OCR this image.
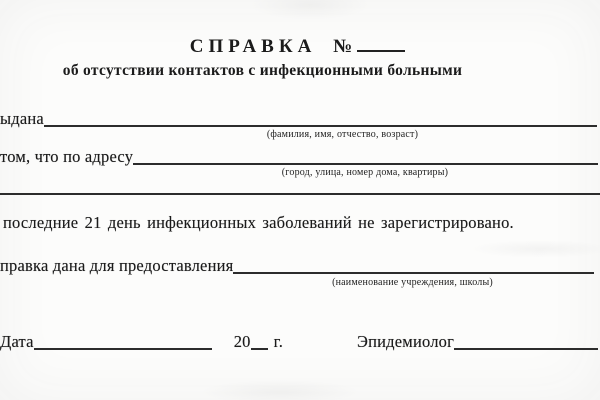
СПРАВКА №
об отсутствии контактов с инфекционными больными
ыдана
(фамилия, имя, отчество, возраст)
том, что по адресу
(город, улица, номер дома, квартиры)
последние 21 день инфекционных заболеваний не зарегистрировано.
правка дана для предоставления
(наименование учреждения, школы)
Дата	20 г.	Эпидемиолог
